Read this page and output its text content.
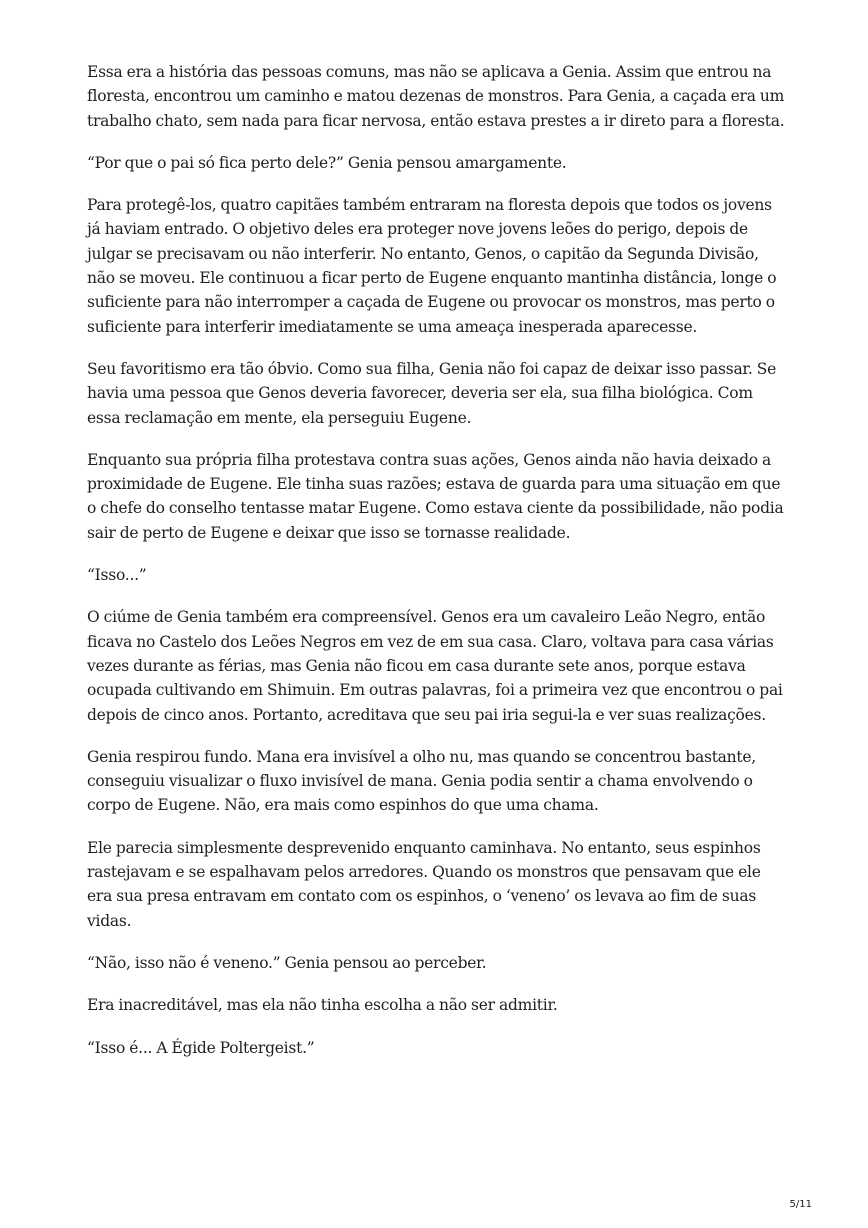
Essa era a história das pessoas comuns, mas não se aplicava a Genia. Assim que entrou na floresta, encontrou um caminho e matou dezenas de monstros. Para Genia, a caçada era um trabalho chato, sem nada para ficar nervosa, então estava prestes a ir direto para a floresta.

“Por que o pai só fica perto dele?” Genia pensou amargamente.

Para protegê-los, quatro capitães também entraram na floresta depois que todos os jovens já haviam entrado. O objetivo deles era proteger nove jovens leões do perigo, depois de julgar se precisavam ou não interferir. No entanto, Genos, o capitão da Segunda Divisão, não se moveu. Ele continuou a ficar perto de Eugene enquanto mantinha distância, longe o suficiente para não interromper a caçada de Eugene ou provocar os monstros, mas perto o suficiente para interferir imediatamente se uma ameaça inesperada aparecesse.

Seu favoritismo era tão óbvio. Como sua filha, Genia não foi capaz de deixar isso passar. Se havia uma pessoa que Genos deveria favorecer, deveria ser ela, sua filha biológica. Com essa reclamação em mente, ela perseguiu Eugene.

Enquanto sua própria filha protestava contra suas ações, Genos ainda não havia deixado a proximidade de Eugene. Ele tinha suas razões; estava de guarda para uma situação em que o chefe do conselho tentasse matar Eugene. Como estava ciente da possibilidade, não podia sair de perto de Eugene e deixar que isso se tornasse realidade.

“Isso...”

O ciúme de Genia também era compreensível. Genos era um cavaleiro Leão Negro, então ficava no Castelo dos Leões Negros em vez de em sua casa. Claro, voltava para casa várias vezes durante as férias, mas Genia não ficou em casa durante sete anos, porque estava ocupada cultivando em Shimuin. Em outras palavras, foi a primeira vez que encontrou o pai depois de cinco anos. Portanto, acreditava que seu pai iria segui-la e ver suas realizações.

Genia respirou fundo. Mana era invisível a olho nu, mas quando se concentrou bastante, conseguiu visualizar o fluxo invisível de mana. Genia podia sentir a chama envolvendo o corpo de Eugene. Não, era mais como espinhos do que uma chama.

Ele parecia simplesmente desprevenido enquanto caminhava. No entanto, seus espinhos rastejavam e se espalhavam pelos arredores. Quando os monstros que pensavam que ele era sua presa entravam em contato com os espinhos, o ‘veneno’ os levava ao fim de suas vidas.

“Não, isso não é veneno.” Genia pensou ao perceber.

Era inacreditável, mas ela não tinha escolha a não ser admitir.

“Isso é... A Égide Poltergeist.”

5/11
